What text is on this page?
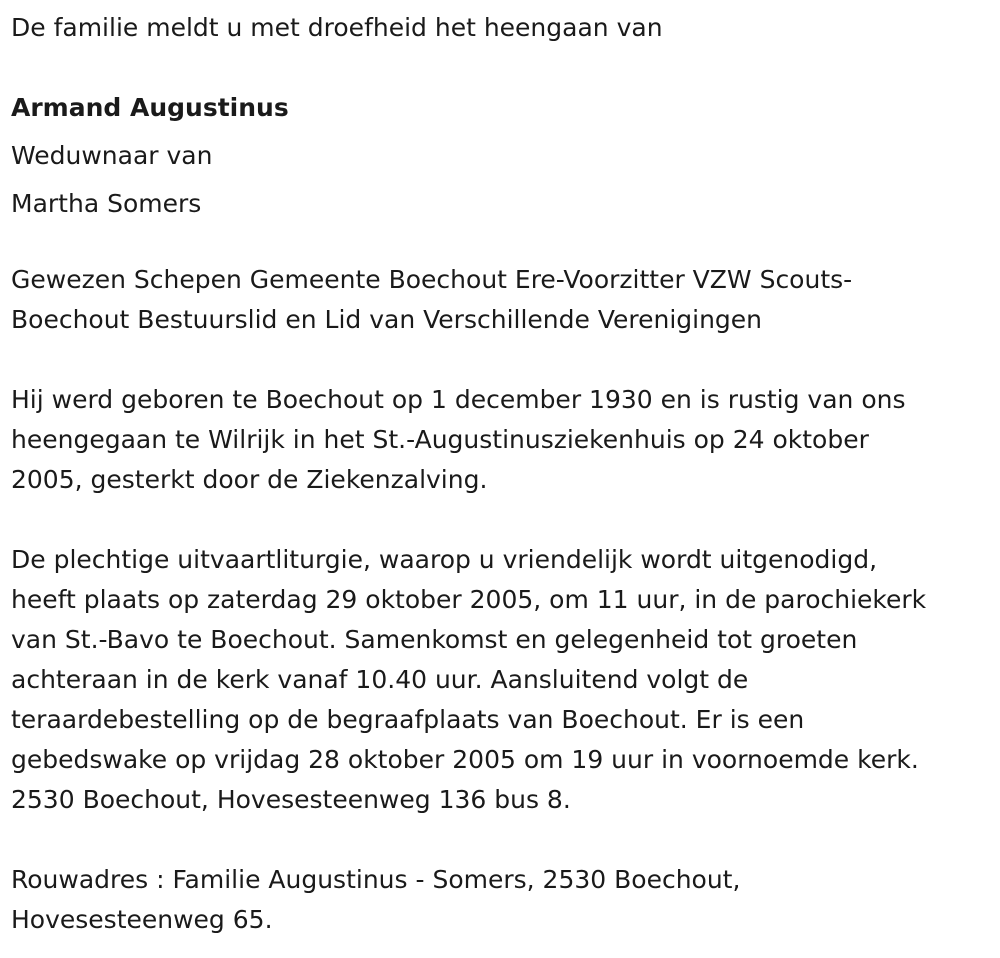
De familie meldt u met droefheid het heengaan van

Armand Augustinus

Weduwnaar van

Martha Somers

Gewezen Schepen Gemeente Boechout Ere-Voorzitter VZW Scouts-

Boechout Bestuurslid en Lid van Verschillende Verenigingen

Hij werd geboren te Boechout op 1 december 1930 en is rustig van ons

heengegaan te Wilrijk in het St.-Augustinusziekenhuis op 24 oktober

2005, gesterkt door de Ziekenzalving.

De plechtige uitvaartliturgie, waarop u vriendelijk wordt uitgenodigd,

heeft plaats op zaterdag 29 oktober 2005, om 11 uur, in de parochiekerk

van St.-Bavo te Boechout. Samenkomst en gelegenheid tot groeten

achteraan in de kerk vanaf 10.40 uur. Aansluitend volgt de

teraardebestelling op de begraafplaats van Boechout. Er is een

gebedswake op vrijdag 28 oktober 2005 om 19 uur in voornoemde kerk.

2530 Boechout, Hovesesteenweg 136 bus 8.

Rouwadres : Familie Augustinus - Somers, 2530 Boechout,

Hovesesteenweg 65.
